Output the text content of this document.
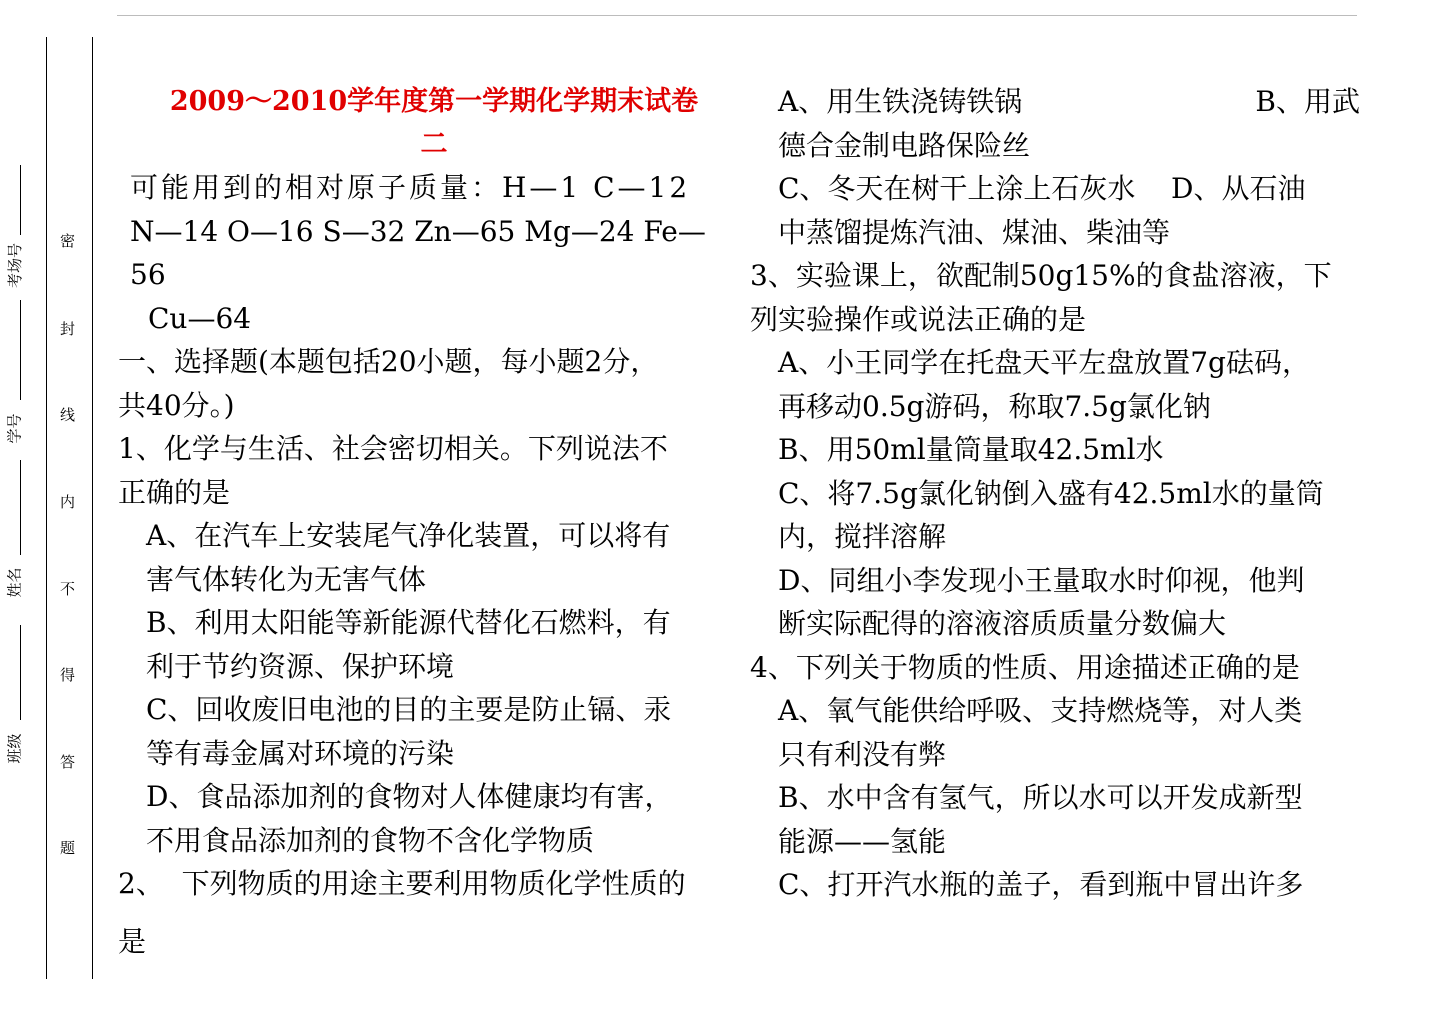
考场号
学号
姓名
班级
密
封
线
内
不
得
答
题
2009～2010学年度第一学期化学期末试卷
二
可能用到的相对原子质量：H—1 C—12
N—14 O—16 S—32 Zn—65 Mg—24 Fe—56
Cu—64
一、选择题(本题包括20小题，每小题2分，
共40分。)
1、化学与生活、社会密切相关。下列说法不
正确的是
A、在汽车上安装尾气净化装置，可以将有
害气体转化为无害气体
B、利用太阳能等新能源代替化石燃料，有
利于节约资源、保护环境
C、回收废旧电池的目的主要是防止镉、汞
等有毒金属对环境的污染
D、食品添加剂的食物对人体健康均有害，
不用食品添加剂的食物不含化学物质
2、  下列物质的用途主要利用物质化学性质的
是
A、用生铁浇铸铁锅	B、用武
德合金制电路保险丝
C、冬天在树干上涂上石灰水    D、从石油
中蒸馏提炼汽油、煤油、柴油等
3、实验课上，欲配制50g15%的食盐溶液，下
列实验操作或说法正确的是
A、小王同学在托盘天平左盘放置7g砝码，
再移动0.5g游码，称取7.5g氯化钠
B、用50ml量筒量取42.5ml水
C、将7.5g氯化钠倒入盛有42.5ml水的量筒
内，搅拌溶解
D、同组小李发现小王量取水时仰视，他判
断实际配得的溶液溶质质量分数偏大
4、下列关于物质的性质、用途描述正确的是
A、氧气能供给呼吸、支持燃烧等，对人类
只有利没有弊
B、水中含有氢气，所以水可以开发成新型
能源——氢能
C、打开汽水瓶的盖子，看到瓶中冒出许多
